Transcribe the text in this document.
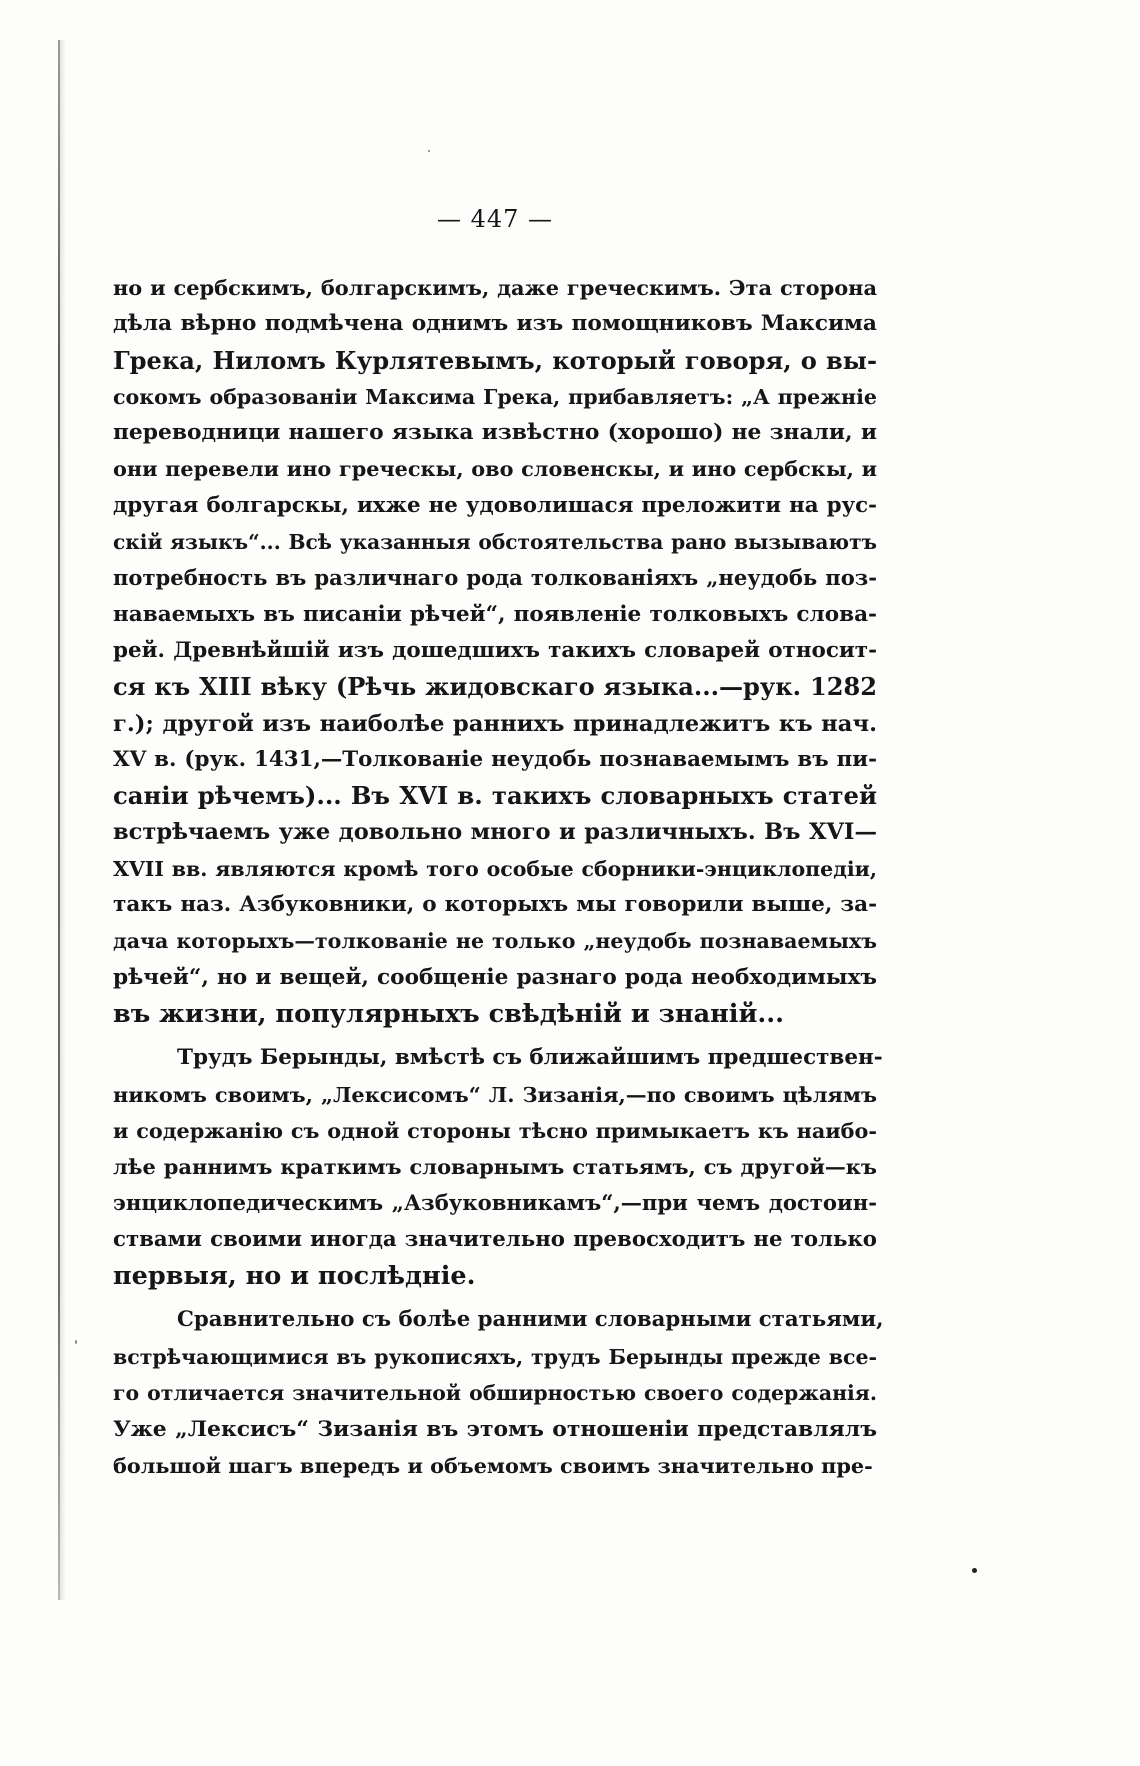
— 447 —
но и сербскимъ, болгарскимъ, даже греческимъ. Эта сторона
дѣла вѣрно подмѣчена однимъ изъ помощниковъ Максима
Грека, Ниломъ Курлятевымъ, который говоря, о вы-
сокомъ образованіи Максима Грека, прибавляетъ: „А прежніе
переводници нашего языка извѣстно (хорошо) не знали, и
они перевели ино греческы, ово словенскы, и ино сербскы, и
другая болгарскы, ихже не удоволишася преложити на рус-
скій языкъ“... Всѣ указанныя обстоятельства рано вызываютъ
потребность въ различнаго рода толкованіяхъ „неудобь поз-
наваемыхъ въ писаніи рѣчей“, появленіе толковыхъ слова-
рей. Древнѣйшій изъ дошедшихъ такихъ словарей относит-
ся къ XIII вѣку (Рѣчь жидовскаго языка...—рук. 1282
г.); другой изъ наиболѣе раннихъ принадлежитъ къ нач.
XV в. (рук. 1431,—Толкованіе неудобь познаваемымъ въ пи-
саніи рѣчемъ)... Въ XVI в. такихъ словарныхъ статей
встрѣчаемъ уже довольно много и различныхъ. Въ XVI—
XVII вв. являются кромѣ того особые сборники-энциклопедіи,
такъ наз. Азбуковники, о которыхъ мы говорили выше, за-
дача которыхъ—толкованіе не только „неудобь познаваемыхъ
рѣчей“, но и вещей, сообщеніе разнаго рода необходимыхъ
въ жизни, популярныхъ свѣдѣній и знаній...
Трудъ Берынды, вмѣстѣ съ ближайшимъ предшествен-
никомъ своимъ, „Лексисомъ“ Л. Зизанія,—по своимъ цѣлямъ
и содержанію съ одной стороны тѣсно примыкаетъ къ наибо-
лѣе раннимъ краткимъ словарнымъ статьямъ, съ другой—къ
энциклопедическимъ „Азбуковникамъ“,—при чемъ достоин-
ствами своими иногда значительно превосходитъ не только
первыя, но и послѣдніе.
Сравнительно съ болѣе ранними словарными статьями,
встрѣчающимися въ рукописяхъ, трудъ Берынды прежде все-
го отличается значительной обширностью своего содержанія.
Уже „Лексисъ“ Зизанія въ этомъ отношеніи представлялъ
большой шагъ впередъ и объемомъ своимъ значительно пре-
